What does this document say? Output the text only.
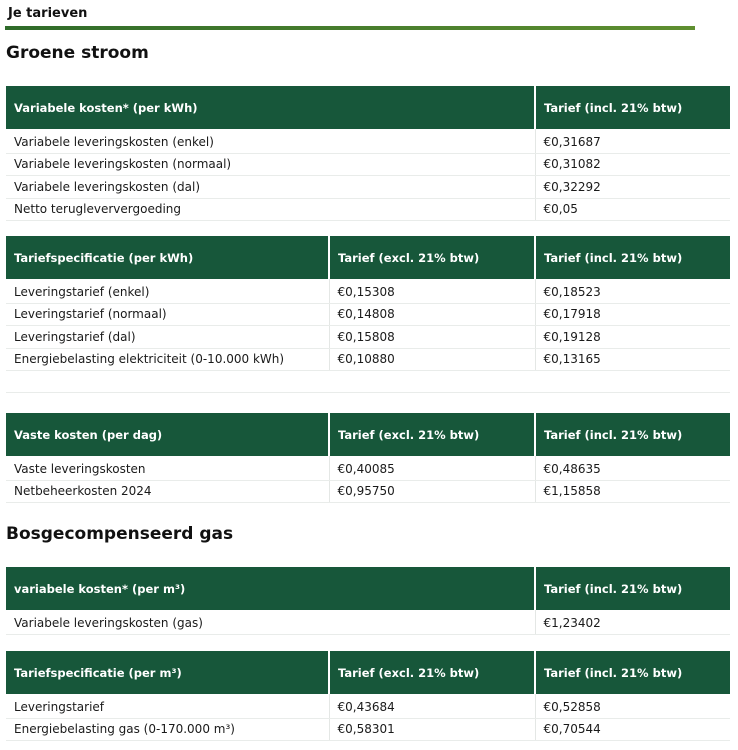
Je tarieven
Groene stroom
Variabele kosten* (per kWh)	Tarief (incl. 21% btw)
Variabele leveringskosten (enkel)	€0,31687
Variabele leveringskosten (normaal)	€0,31082
Variabele leveringskosten (dal)	€0,32292
Netto terugleververgoeding	€0,05
Tariefspecificatie (per kWh)	Tarief (excl. 21% btw)	Tarief (incl. 21% btw)
Leveringstarief (enkel)	€0,15308	€0,18523
Leveringstarief (normaal)	€0,14808	€0,17918
Leveringstarief (dal)	€0,15808	€0,19128
Energiebelasting elektriciteit (0-10.000 kWh)	€0,10880	€0,13165
Vaste kosten (per dag)	Tarief (excl. 21% btw)	Tarief (incl. 21% btw)
Vaste leveringskosten	€0,40085	€0,48635
Netbeheerkosten 2024	€0,95750	€1,15858
Bosgecompenseerd gas
variabele kosten* (per m³)	Tarief (incl. 21% btw)
Variabele leveringskosten (gas)	€1,23402
Tariefspecificatie (per m³)	Tarief (excl. 21% btw)	Tarief (incl. 21% btw)
Leveringstarief	€0,43684	€0,52858
Energiebelasting gas (0-170.000 m³)	€0,58301	€0,70544
